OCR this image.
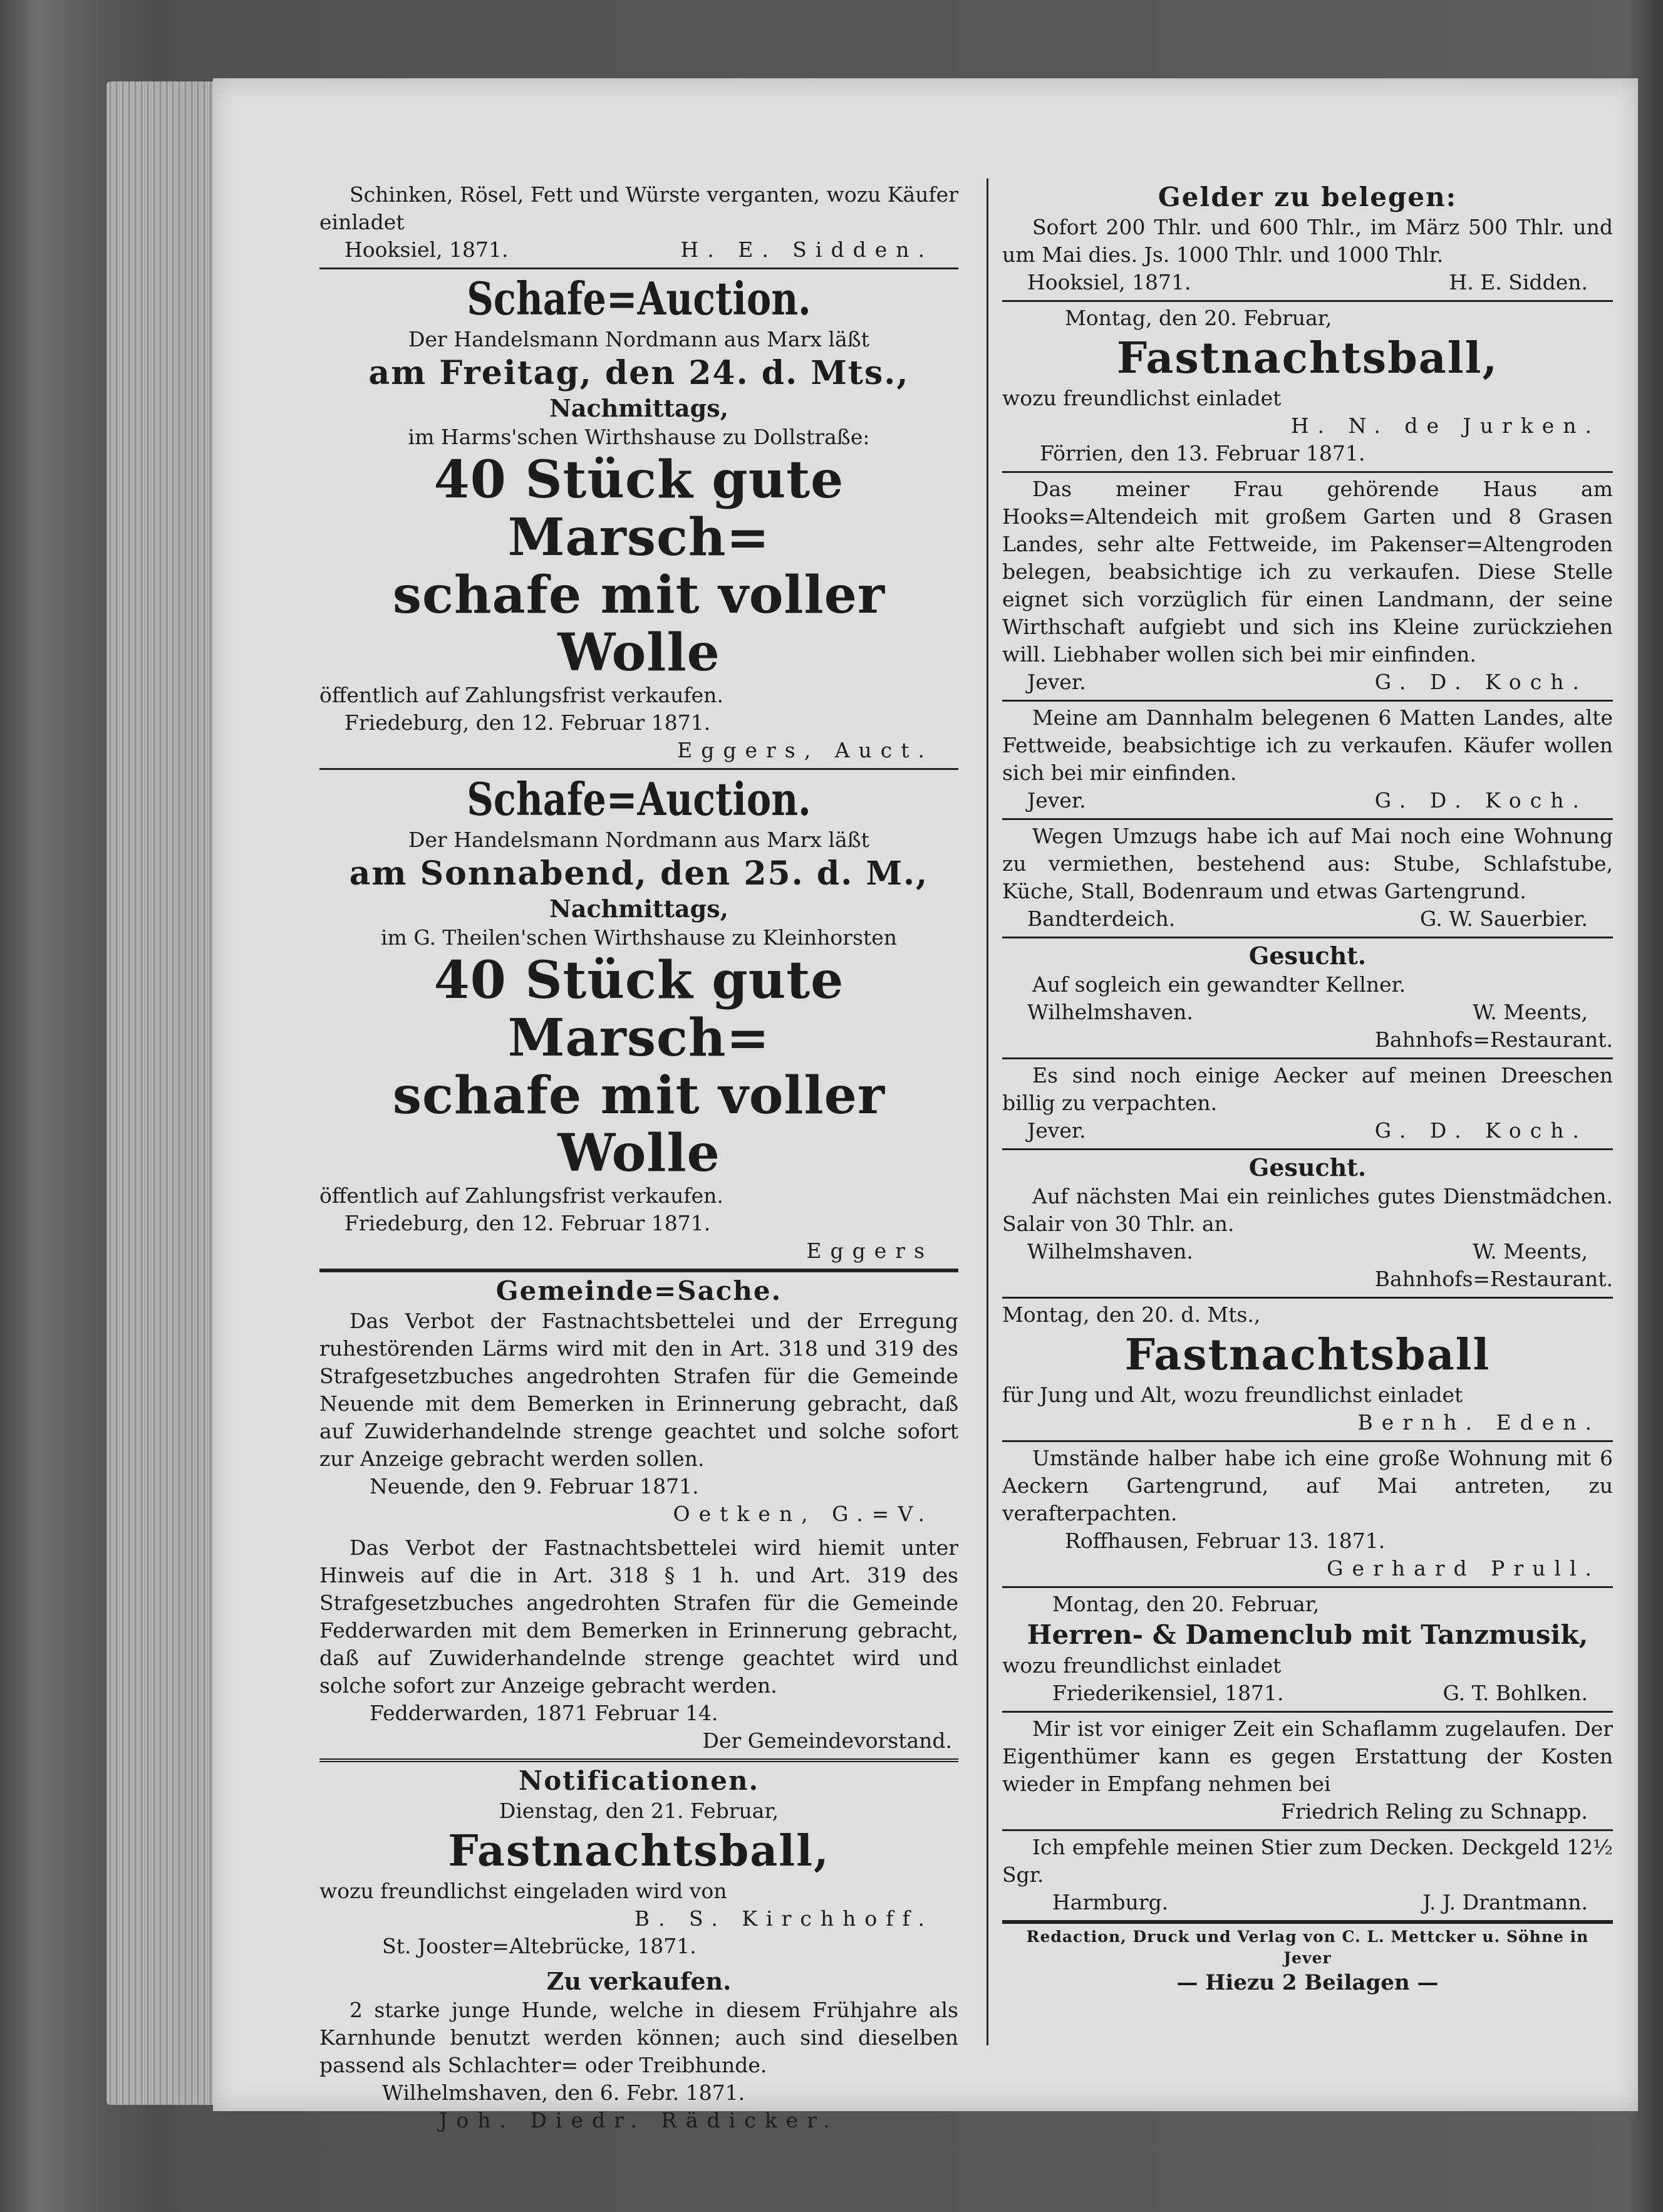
Schinken, Rösel, Fett und Würste verganten, wozu Käufer einladet

H. E. Sidden.

Hooksiel, 1871.

Schafe=Auction.

Der Handelsmann Nordmann aus Marx läßt

am Freitag, den 24. d. Mts.,
Nachmittags,

im Harms'schen Wirthshause zu Dollstraße:

40 Stück gute Marsch=
schafe mit voller Wolle

öffentlich auf Zahlungsfrist verkaufen.

Friedeburg, den 12. Februar 1871.

Eggers, Auct.

Schafe=Auction.

Der Handelsmann Nordmann aus Marx läßt

am Sonnabend, den 25. d. M.,
Nachmittags,

im G. Theilen'schen Wirthshause zu Kleinhorsten

40 Stück gute Marsch=
schafe mit voller Wolle

öffentlich auf Zahlungsfrist verkaufen.

Friedeburg, den 12. Februar 1871.

Eggers

Gemeinde=Sache.

Das Verbot der Fastnachtsbettelei und der Erregung ruhestörenden Lärms wird mit den in Art. 318 und 319 des Strafgesetzbuches angedrohten Strafen für die Gemeinde Neuende mit dem Bemerken in Erinnerung gebracht, daß auf Zuwiderhandelnde strenge geachtet und solche sofort zur Anzeige gebracht werden sollen.

Neuende, den 9. Februar 1871.

Oetken, G.=V.

Das Verbot der Fastnachtsbettelei wird hiemit unter Hinweis auf die in Art. 318 § 1 h. und Art. 319 des Strafgesetzbuches angedrohten Strafen für die Gemeinde Fedderwarden mit dem Bemerken in Erinnerung gebracht, daß auf Zuwiderhandelnde strenge geachtet wird und solche sofort zur Anzeige gebracht werden.

Fedderwarden, 1871 Februar 14.

Der Gemeindevorstand.

Notificationen.

Dienstag, den 21. Februar,

Fastnachtsball,

wozu freundlichst eingeladen wird von

B. S. Kirchhoff.

St. Jooster=Altebrücke, 1871.

Zu verkaufen.

2 starke junge Hunde, welche in diesem Frühjahre als Karnhunde benutzt werden können; auch sind dieselben passend als Schlachter= oder Treibhunde.

Wilhelmshaven, den 6. Febr. 1871.

Joh. Diedr. Rädicker.

Gelder zu belegen:

Sofort 200 Thlr. und 600 Thlr., im März 500 Thlr. und um Mai dies. Js. 1000 Thlr. und 1000 Thlr.

Hooksiel, 1871.	H. E. Sidden.

Montag, den 20. Februar,

Fastnachtsball,

wozu freundlichst einladet

H. N. de Jurken.

Förrien, den 13. Februar 1871.

Das meiner Frau gehörende Haus am Hooks=Altendeich mit großem Garten und 8 Grasen Landes, sehr alte Fettweide, im Pakenser=Altengroden belegen, beabsichtige ich zu verkaufen. Diese Stelle eignet sich vorzüglich für einen Landmann, der seine Wirthschaft aufgiebt und sich ins Kleine zurückziehen will. Liebhaber wollen sich bei mir einfinden.

Jever.	G. D. Koch.

Meine am Dannhalm belegenen 6 Matten Landes, alte Fettweide, beabsichtige ich zu verkaufen. Käufer wollen sich bei mir einfinden.

Jever.	G. D. Koch.

Wegen Umzugs habe ich auf Mai noch eine Wohnung zu vermiethen, bestehend aus: Stube, Schlafstube, Küche, Stall, Bodenraum und etwas Gartengrund.

Bandterdeich.	G. W. Sauerbier.
Gesucht.

Auf sogleich ein gewandter Kellner.

Wilhelmshaven.	W. Meents,

Bahnhofs=Restaurant.

Es sind noch einige Aecker auf meinen Dreeschen billig zu verpachten.

Jever.	G. D. Koch.
Gesucht.

Auf nächsten Mai ein reinliches gutes Dienstmädchen. Salair von 30 Thlr. an.

Wilhelmshaven.	W. Meents,

Bahnhofs=Restaurant.

Montag, den 20. d. Mts.,

Fastnachtsball

für Jung und Alt, wozu freundlichst einladet

Bernh. Eden.

Umstände halber habe ich eine große Wohnung mit 6 Aeckern Gartengrund, auf Mai antreten, zu verafterpachten.

Roffhausen, Februar 13. 1871.

Gerhard Prull.

Montag, den 20. Februar,

Herren- & Damenclub mit Tanzmusik,

wozu freundlichst einladet

Friederikensiel, 1871.	G. T. Bohlken.

Mir ist vor einiger Zeit ein Schaflamm zugelaufen. Der Eigenthümer kann es gegen Erstattung der Kosten wieder in Empfang nehmen bei

Friedrich Reling zu Schnapp.

Ich empfehle meinen Stier zum Decken. Deckgeld 12½ Sgr.

Harmburg.	J. J. Drantmann.
Redaction, Druck und Verlag von C. L. Mettcker u. Söhne in Jever
— Hiezu 2 Beilagen —
